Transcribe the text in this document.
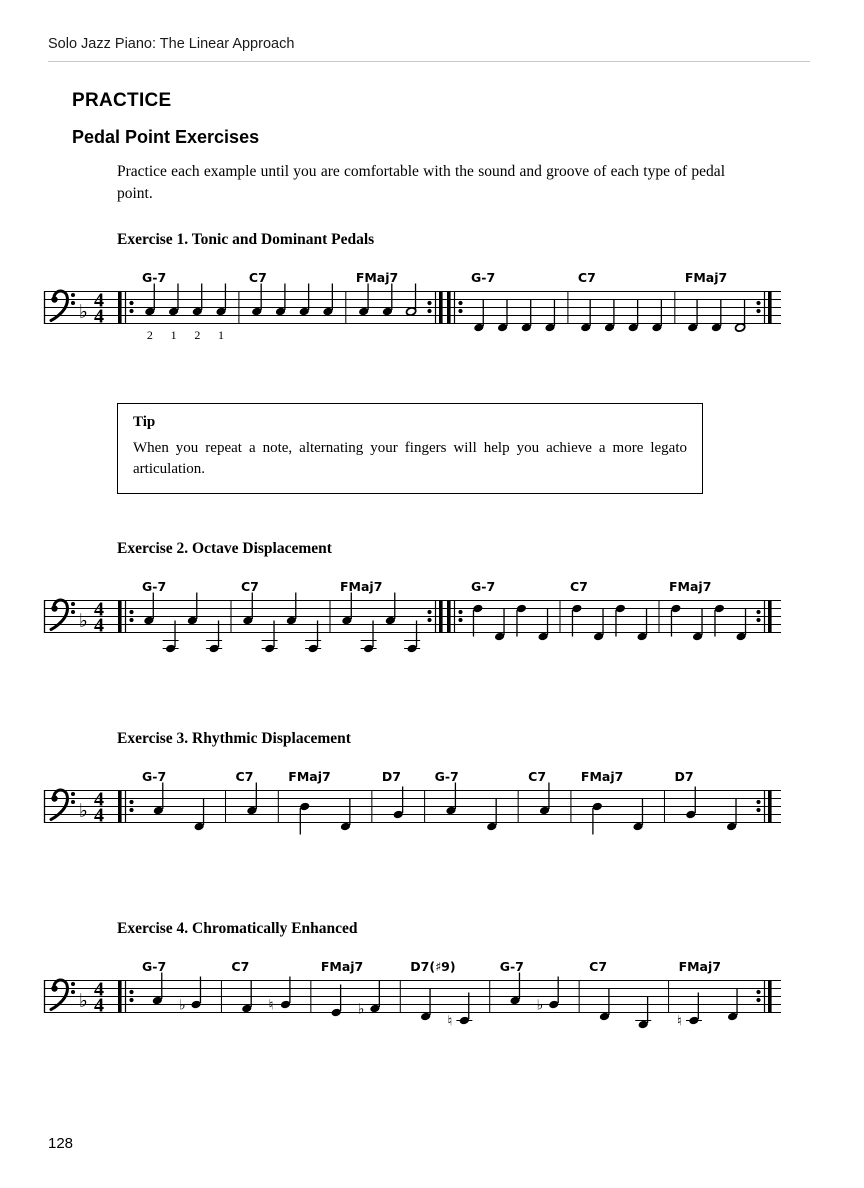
Solo Jazz Piano: The Linear Approach
PRACTICE
Pedal Point Exercises

Practice each example until you are comfortable with the sound and groove of each type of pedal point.

Exercise 1. Tonic and Dominant Pedals
♭
4
4
G-7
2 1 2 1
C7	FMaj7	G-7	C7	FMaj7
Tip
When you repeat a note, alternating your fingers will help you achieve a more legato articulation.
Exercise 2. Octave Displacement
♭
4
4
G-7	C7	FMaj7	G-7	C7	FMaj7
Exercise 3. Rhythmic Displacement
♭
4
4
G-7	C7	FMaj7	D7	G-7	C7	FMaj7	D7
Exercise 4. Chromatically Enhanced
♭
4
4
G-7
♭
C7
♮
FMaj7
♭
D7(♯9)
♮
G-7
♭
C7	FMaj7
♮
128
